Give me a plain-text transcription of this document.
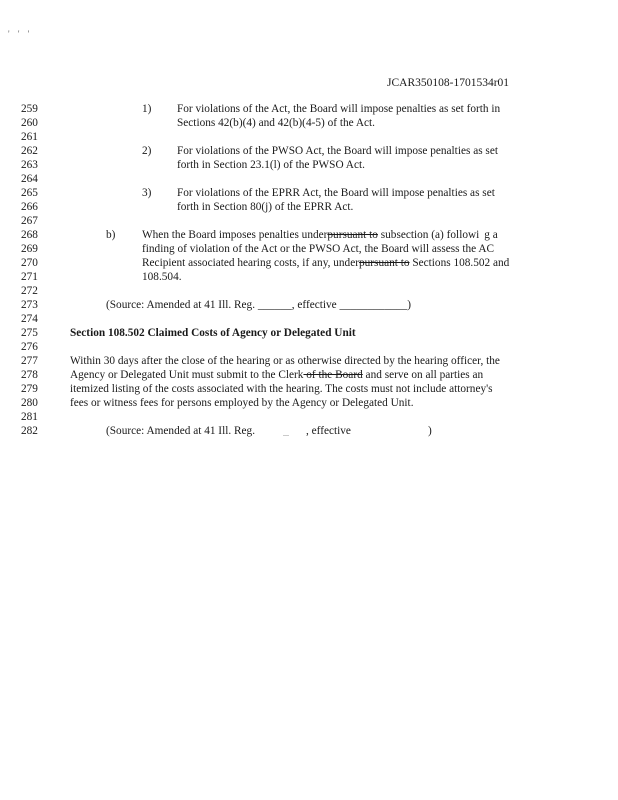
' ' '
JCAR350108-1701534r01
259	1) For violations of the Act, the Board will impose penalties as set forth in
260	Sections 42(b)(4) and 42(b)(4-5) of the Act.
261
262	2) For violations of the PWSO Act, the Board will impose penalties as set
263	forth in Section 23.1(l) of the PWSO Act.
264
265	3) For violations of the EPRR Act, the Board will impose penalties as set
266	forth in Section 80(j) of the EPRR Act.
267
268	b) When the Board imposes penalties underpursuant to subsection (a) followi g a
269	finding of violation of the Act or the PWSO Act, the Board will assess the AC
270	Recipient associated hearing costs, if any, underpursuant to Sections 108.502 and
271	108.504.
272
273	(Source: Amended at 41 Ill. Reg. ______, effective ____________)
274
275	Section 108.502 Claimed Costs of Agency or Delegated Unit
276
277	Within 30 days after the close of the hearing or as otherwise directed by the hearing officer, the
278	Agency or Delegated Unit must submit to the Clerk of the Board and serve on all parties an
279	itemized listing of the costs associated with the hearing. The costs must not include attorney's
280	fees or witness fees for persons employed by the Agency or Delegated Unit.
281
282	(Source: Amended at 41 Ill. Reg.	... , effective	)
